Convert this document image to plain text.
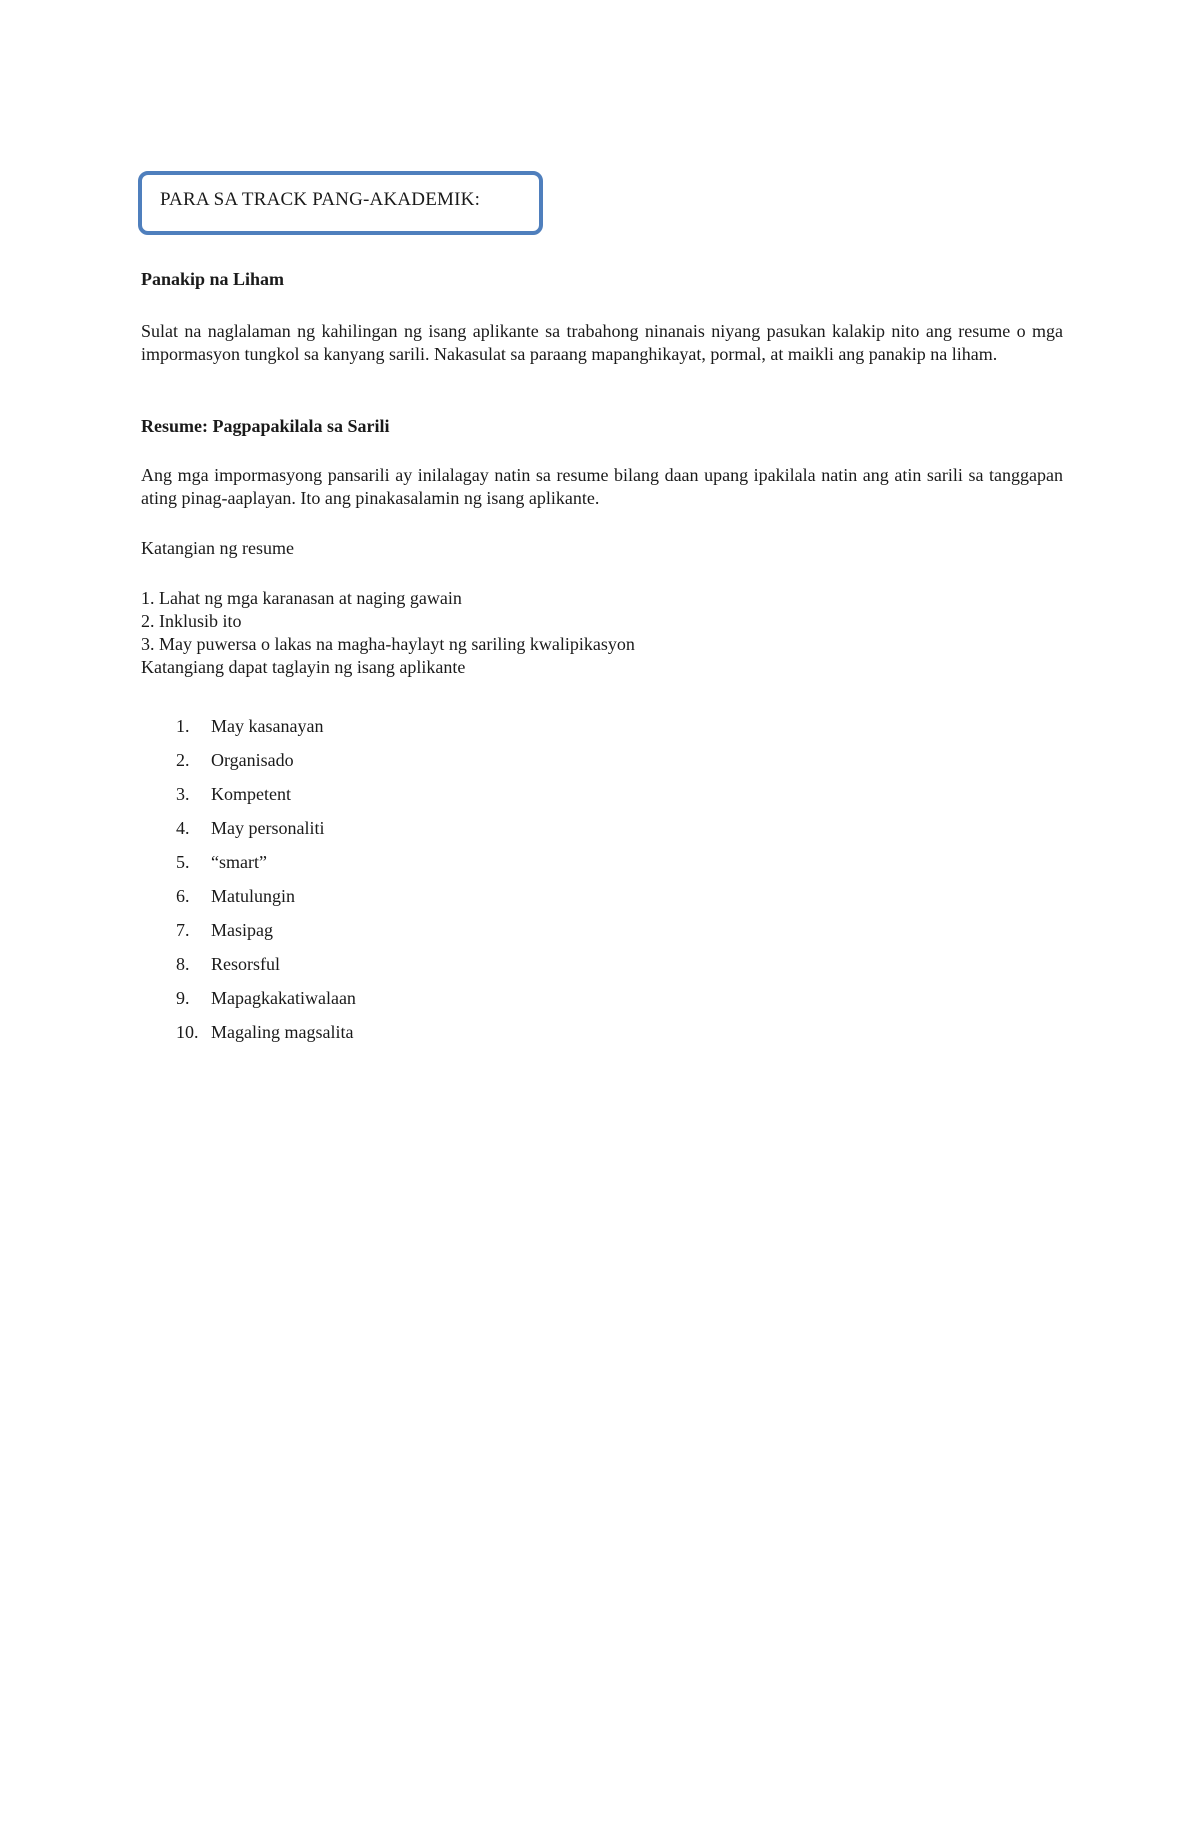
PARA SA TRACK PANG-AKADEMIK:

Panakip na Liham

Sulat na naglalaman ng kahilingan ng isang aplikante sa trabahong ninanais niyang pasukan kalakip nito ang resume o mga impormasyon tungkol sa kanyang sarili. Nakasulat sa paraang mapanghikayat, pormal, at maikli ang panakip na liham.

Resume: Pagpapakilala sa Sarili

Ang mga impormasyong pansarili ay inilalagay natin sa resume bilang daan upang ipakilala natin ang atin sarili sa tanggapan ating pinag-aaplayan. Ito ang pinakasalamin ng isang aplikante.

Katangian ng resume

1. Lahat ng mga karanasan at naging gawain
2. Inklusib ito
3. May puwersa o lakas na magha-haylayt ng sariling kwalipikasyon
Katangiang dapat taglayin ng isang aplikante
1. May kasanayan
2. Organisado
3. Kompetent
4. May personaliti
5. “smart”
6. Matulungin
7. Masipag
8. Resorsful
9. Mapagkakatiwalaan
10. Magaling magsalita
